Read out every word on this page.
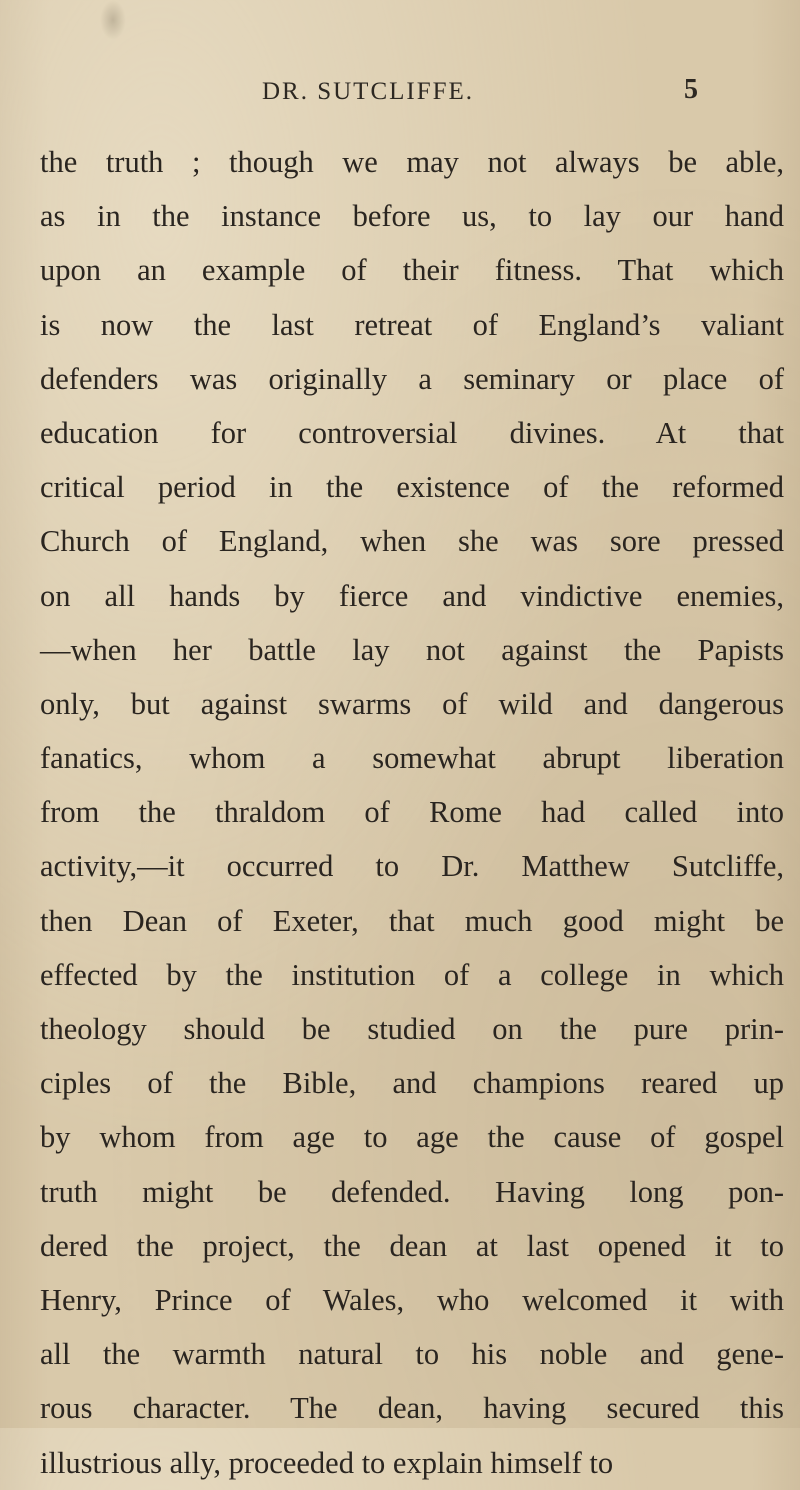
DR. SUTCLIFFE.	5
the truth ; though we may not always be able,
as in the instance before us, to lay our hand
upon an example of their fitness. That which
is now the last retreat of England’s valiant
defenders was originally a seminary or place of
education for controversial divines. At that
critical period in the existence of the reformed
Church of England, when she was sore pressed
on all hands by fierce and vindictive enemies,
—when her battle lay not against the Papists
only, but against swarms of wild and dangerous
fanatics, whom a somewhat abrupt liberation
from the thraldom of Rome had called into
activity,—it occurred to Dr. Matthew Sutcliffe,
then Dean of Exeter, that much good might be
effected by the institution of a college in which
theology should be studied on the pure prin-
ciples of the Bible, and champions reared up
by whom from age to age the cause of gospel
truth might be defended. Having long pon-
dered the project, the dean at last opened it to
Henry, Prince of Wales, who welcomed it with
all the warmth natural to his noble and gene-
rous character. The dean, having secured this
illustrious ally, proceeded to explain himself to
